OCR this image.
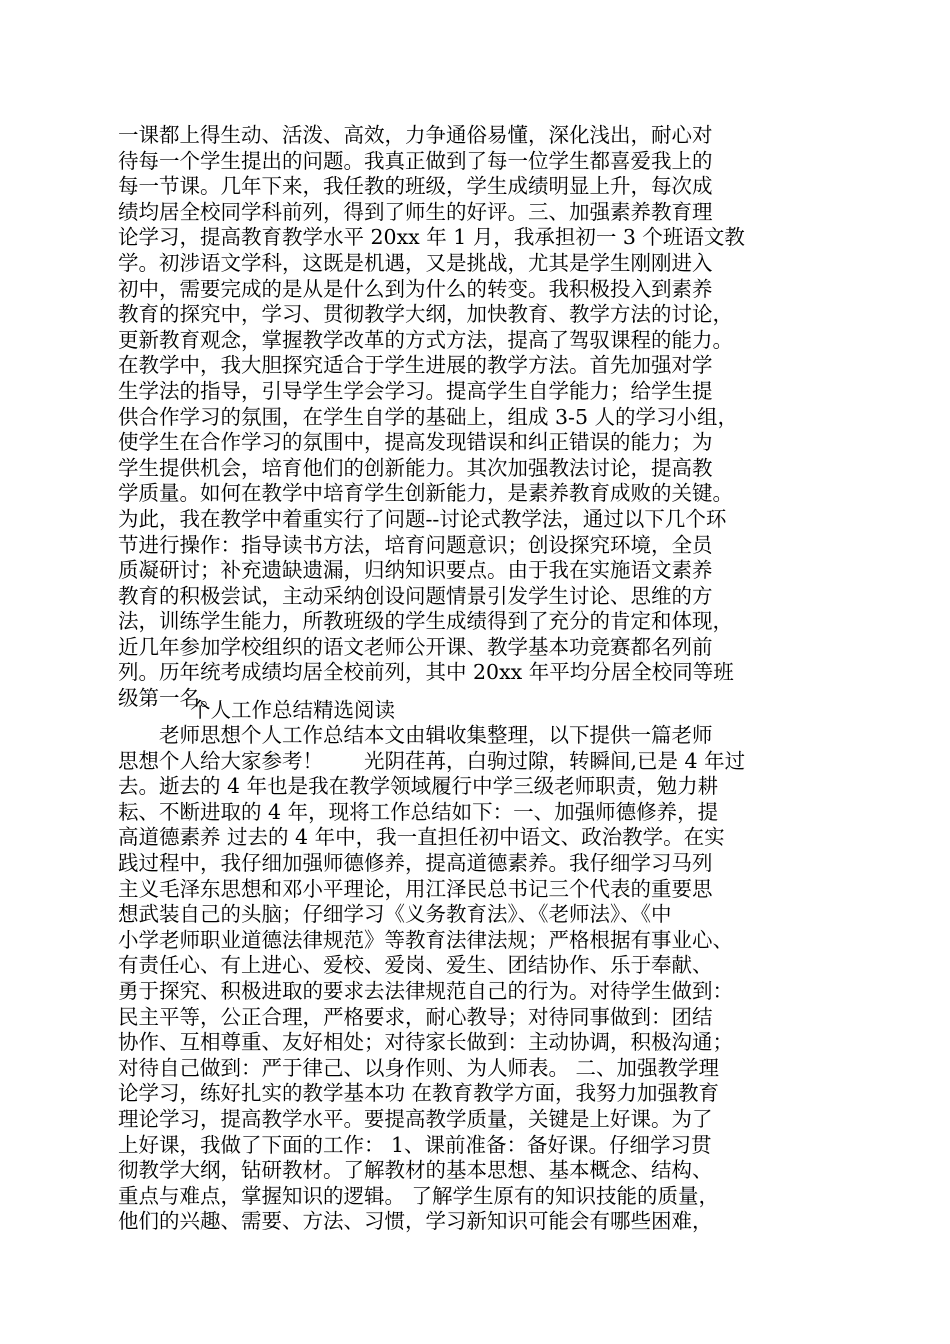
一课都上得生动、活泼、高效，力争通俗易懂，深化浅出，耐心对
待每一个学生提出的问题。我真正做到了每一位学生都喜爱我上的
每一节课。几年下来，我任教的班级，学生成绩明显上升，每次成
绩均居全校同学科前列，得到了师生的好评。三、加强素养教育理
论学习，提高教育教学水平 20xx 年 1 月，我承担初一 3 个班语文教
学。初涉语文学科，这既是机遇，又是挑战，尤其是学生刚刚进入
初中，需要完成的是从是什么到为什么的转变。我积极投入到素养
教育的探究中，学习、贯彻教学大纲，加快教育、教学方法的讨论，
更新教育观念，掌握教学改革的方式方法，提高了驾驭课程的能力。
在教学中，我大胆探究适合于学生进展的教学方法。首先加强对学
生学法的指导，引导学生学会学习。提高学生自学能力；给学生提
供合作学习的氛围，在学生自学的基础上，组成 3-5 人的学习小组，
使学生在合作学习的氛围中，提高发现错误和纠正错误的能力；为
学生提供机会，培育他们的创新能力。其次加强教法讨论，提高教
学质量。如何在教学中培育学生创新能力，是素养教育成败的关键。
为此，我在教学中着重实行了问题--讨论式教学法，通过以下几个环
节进行操作：指导读书方法，培育问题意识；创设探究环境，全员
质凝研讨；补充遗缺遗漏，归纳知识要点。由于我在实施语文素养
教育的积极尝试，主动采纳创设问题情景引发学生讨论、思维的方
法，训练学生能力，所教班级的学生成绩得到了充分的肯定和体现，
近几年参加学校组织的语文老师公开课、教学基本功竞赛都名列前
列。历年统考成绩均居全校前列，其中 20xx 年平均分居全校同等班
级第一名。
个人工作总结精选阅读
　　老师思想个人工作总结本文由辑收集整理，以下提供一篇老师
思想个人给大家参考！　　光阴荏苒，白驹过隙，转瞬间,已是 4 年过
去。逝去的 4 年也是我在教学领域履行中学三级老师职责，勉力耕
耘、不断进取的 4 年，现将工作总结如下：一、加强师德修养，提
高道德素养 过去的 4 年中，我一直担任初中语文、政治教学。在实
践过程中，我仔细加强师德修养，提高道德素养。我仔细学习马列
主义毛泽东思想和邓小平理论，用江泽民总书记三个代表的重要思
想武装自己的头脑；仔细学习《义务教育法》、《老师法》、《中
小学老师职业道德法律规范》等教育法律法规；严格根据有事业心、
有责任心、有上进心、爱校、爱岗、爱生、团结协作、乐于奉献、
勇于探究、积极进取的要求去法律规范自己的行为。对待学生做到：
民主平等，公正合理，严格要求，耐心教导；对待同事做到：团结
协作、互相尊重、友好相处；对待家长做到：主动协调，积极沟通；
对待自己做到：严于律己、以身作则、为人师表。 二、加强教学理
论学习，练好扎实的教学基本功 在教育教学方面，我努力加强教育
理论学习，提高教学水平。要提高教学质量，关键是上好课。为了
上好课，我做了下面的工作： 1、课前准备：备好课。仔细学习贯
彻教学大纲，钻研教材。了解教材的基本思想、基本概念、结构、
重点与难点，掌握知识的逻辑。 了解学生原有的知识技能的质量，
他们的兴趣、需要、方法、习惯，学习新知识可能会有哪些困难，
